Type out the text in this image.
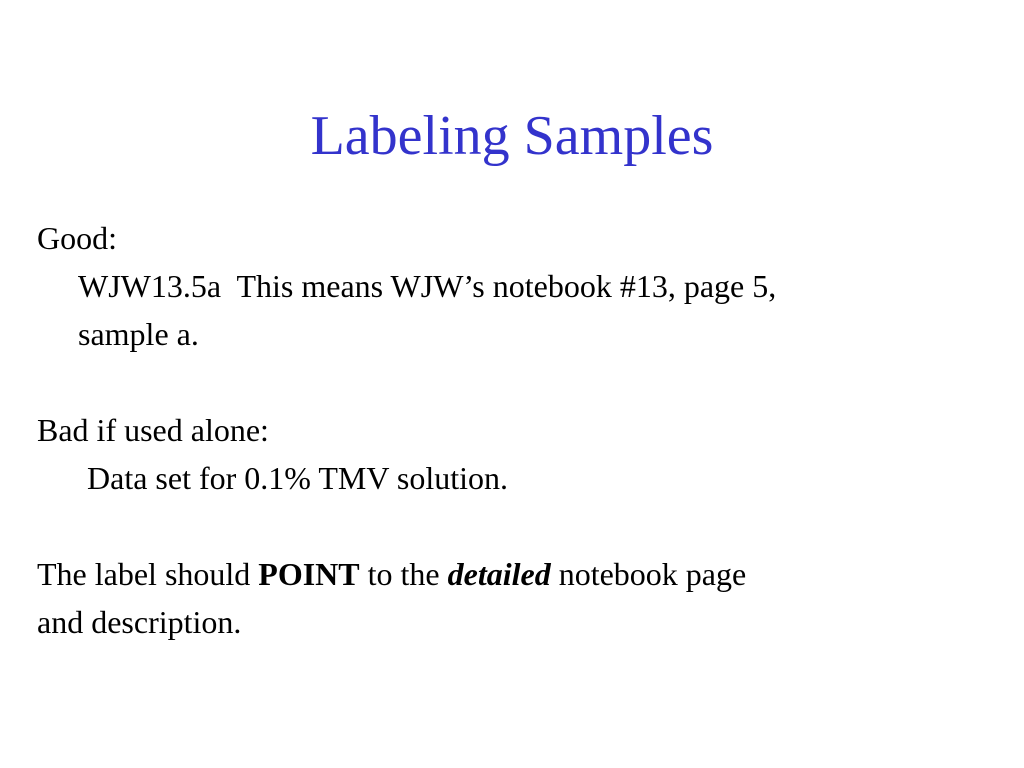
Labeling Samples
Good:
WJW13.5a  This means WJW’s notebook #13, page 5,
sample a.
Bad if used alone:
Data set for 0.1% TMV solution.
The label should POINT to the detailed notebook page
and description.
